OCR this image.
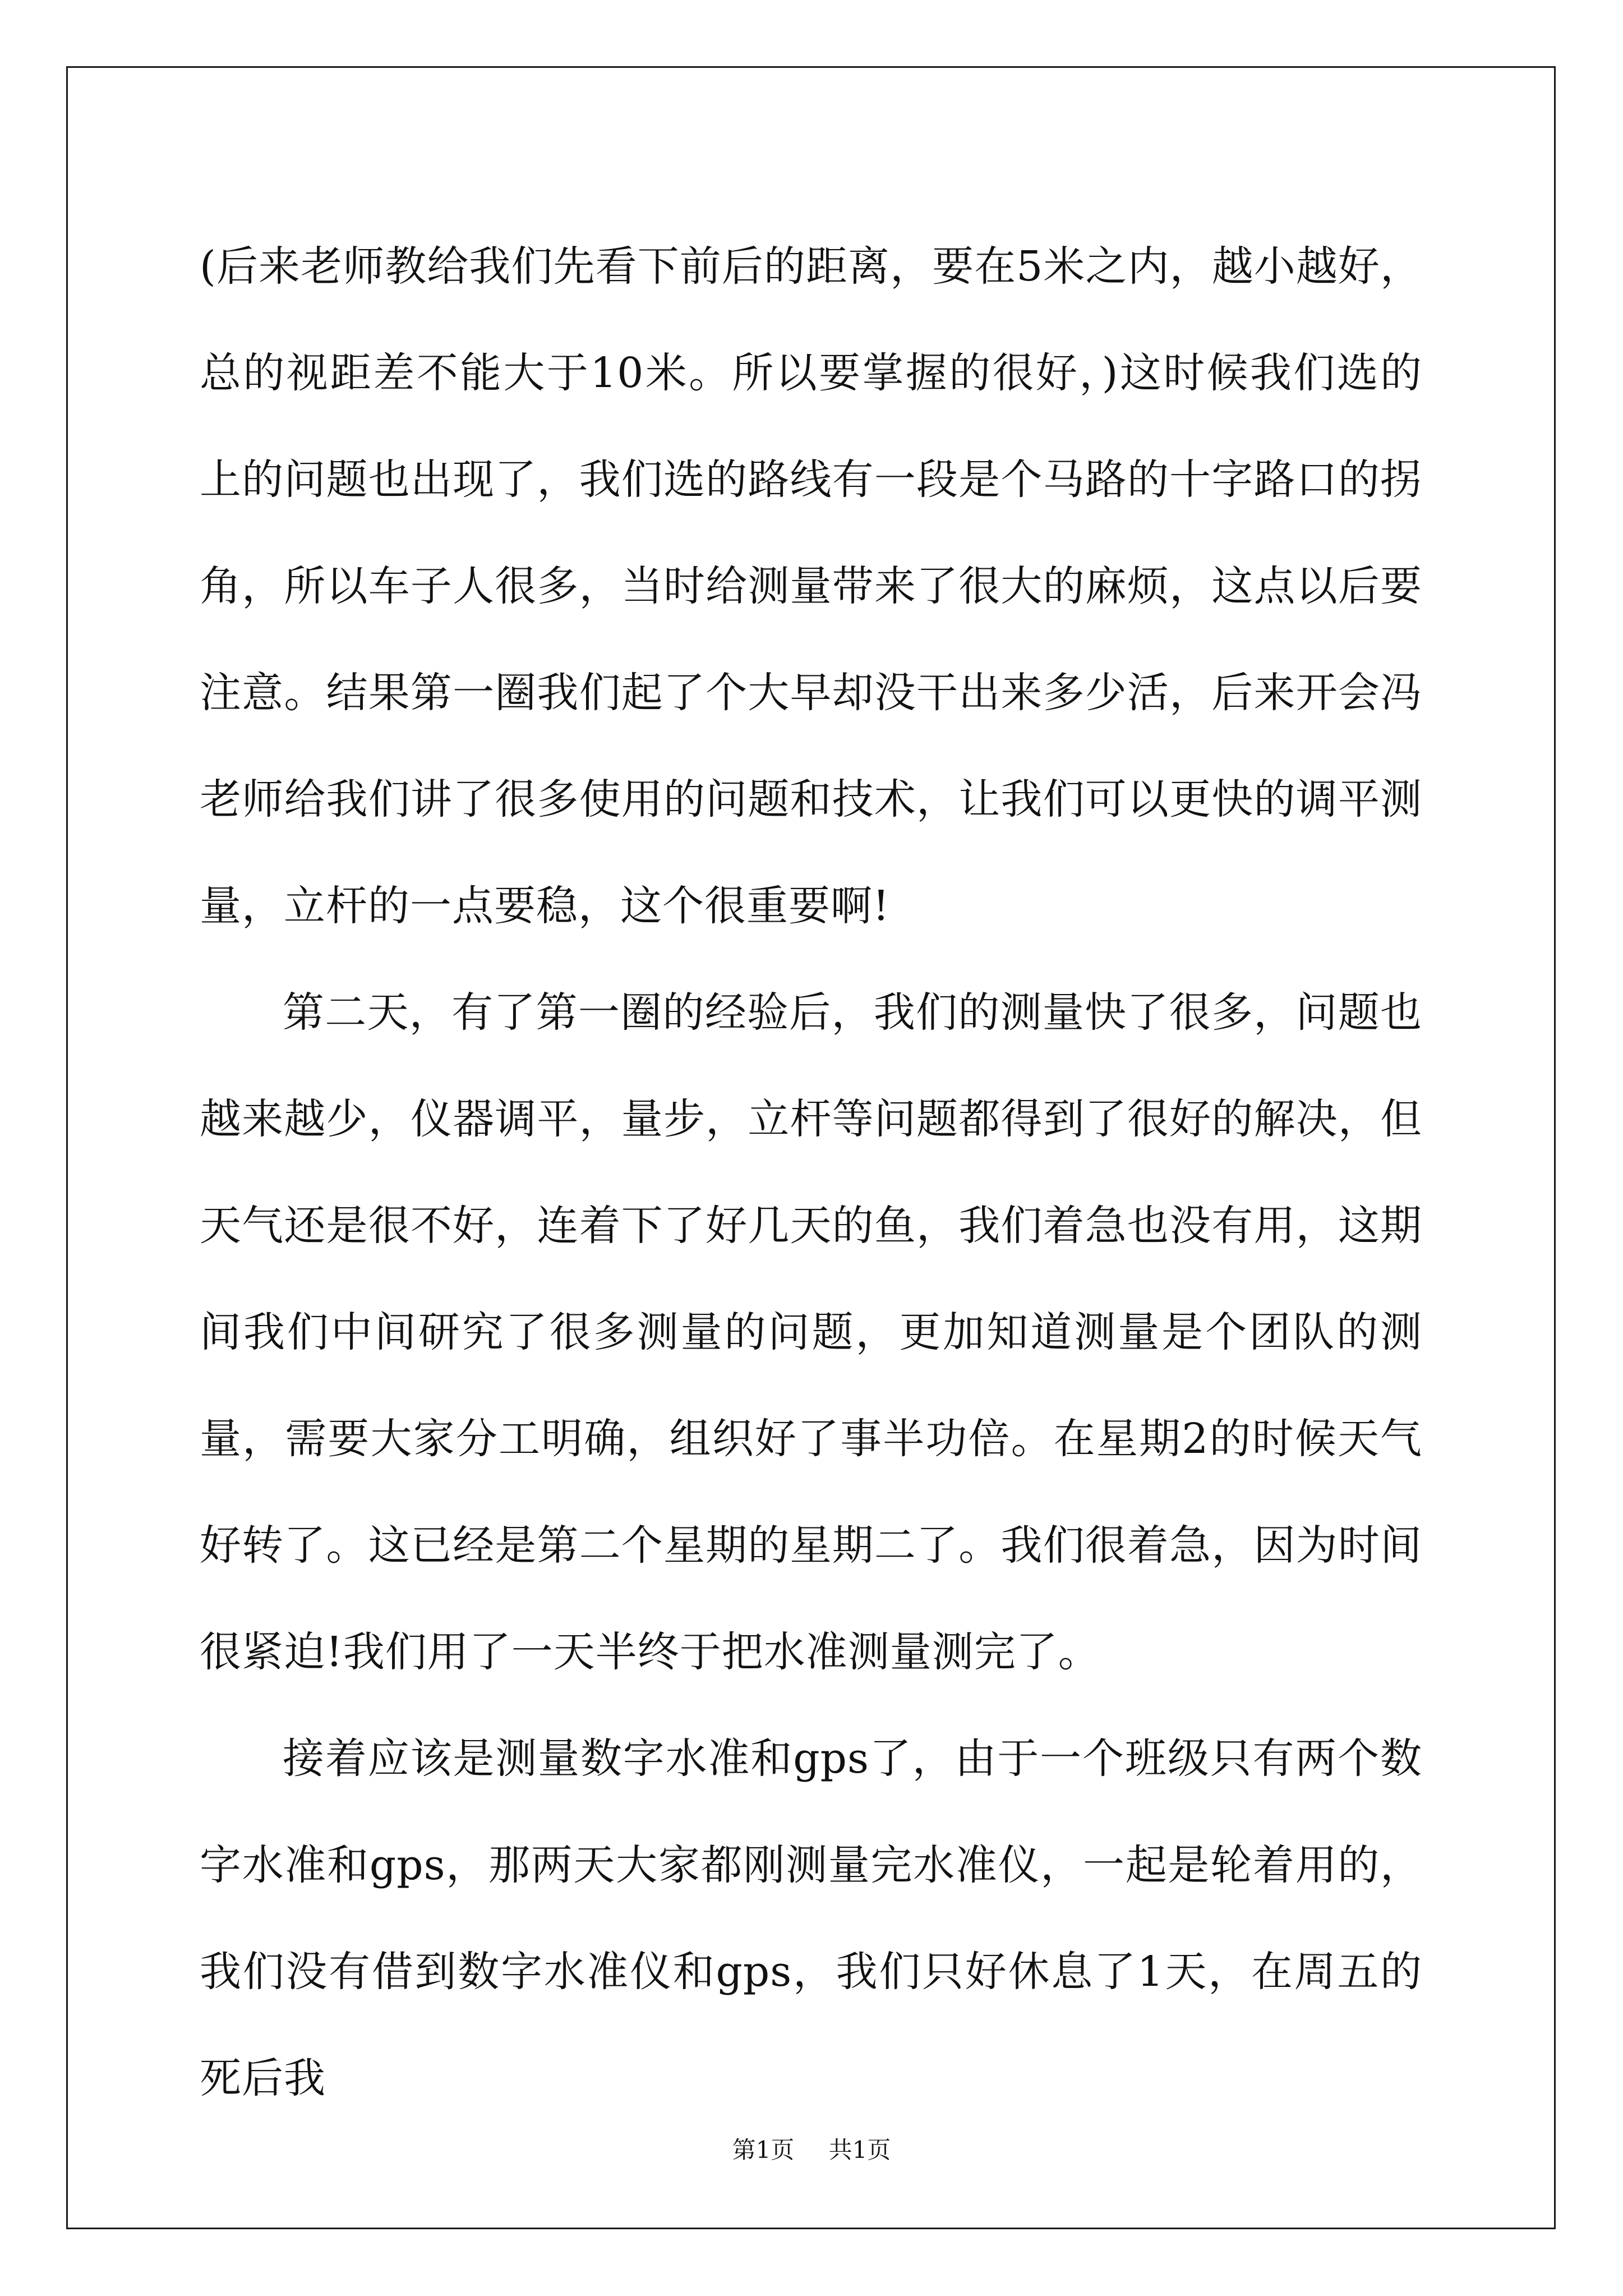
(后来老师教给我们先看下前后的距离，要在5米之内，越小越好，总的视距差不能大于10米。所以要掌握的很好，)这时候我们选的上的问题也出现了，我们选的路线有一段是个马路的十字路口的拐角，所以车子人很多，当时给测量带来了很大的麻烦，这点以后要注意。结果第一圈我们起了个大早却没干出来多少活，后来开会冯老师给我们讲了很多使用的问题和技术，让我们可以更快的调平测量，立杆的一点要稳，这个很重要啊!

第二天，有了第一圈的经验后，我们的测量快了很多，问题也越来越少，仪器调平，量步，立杆等问题都得到了很好的解决，但天气还是很不好，连着下了好几天的鱼，我们着急也没有用，这期间我们中间研究了很多测量的问题，更加知道测量是个团队的测量，需要大家分工明确，组织好了事半功倍。在星期2的时候天气好转了。这已经是第二个星期的星期二了。我们很着急，因为时间很紧迫!我们用了一天半终于把水准测量测完了。

接着应该是测量数字水准和gps了，由于一个班级只有两个数字水准和gps，那两天大家都刚测量完水准仪，一起是轮着用的，我们没有借到数字水准仪和gps，我们只好休息了1天，在周五的死后我

第1页 共1页
